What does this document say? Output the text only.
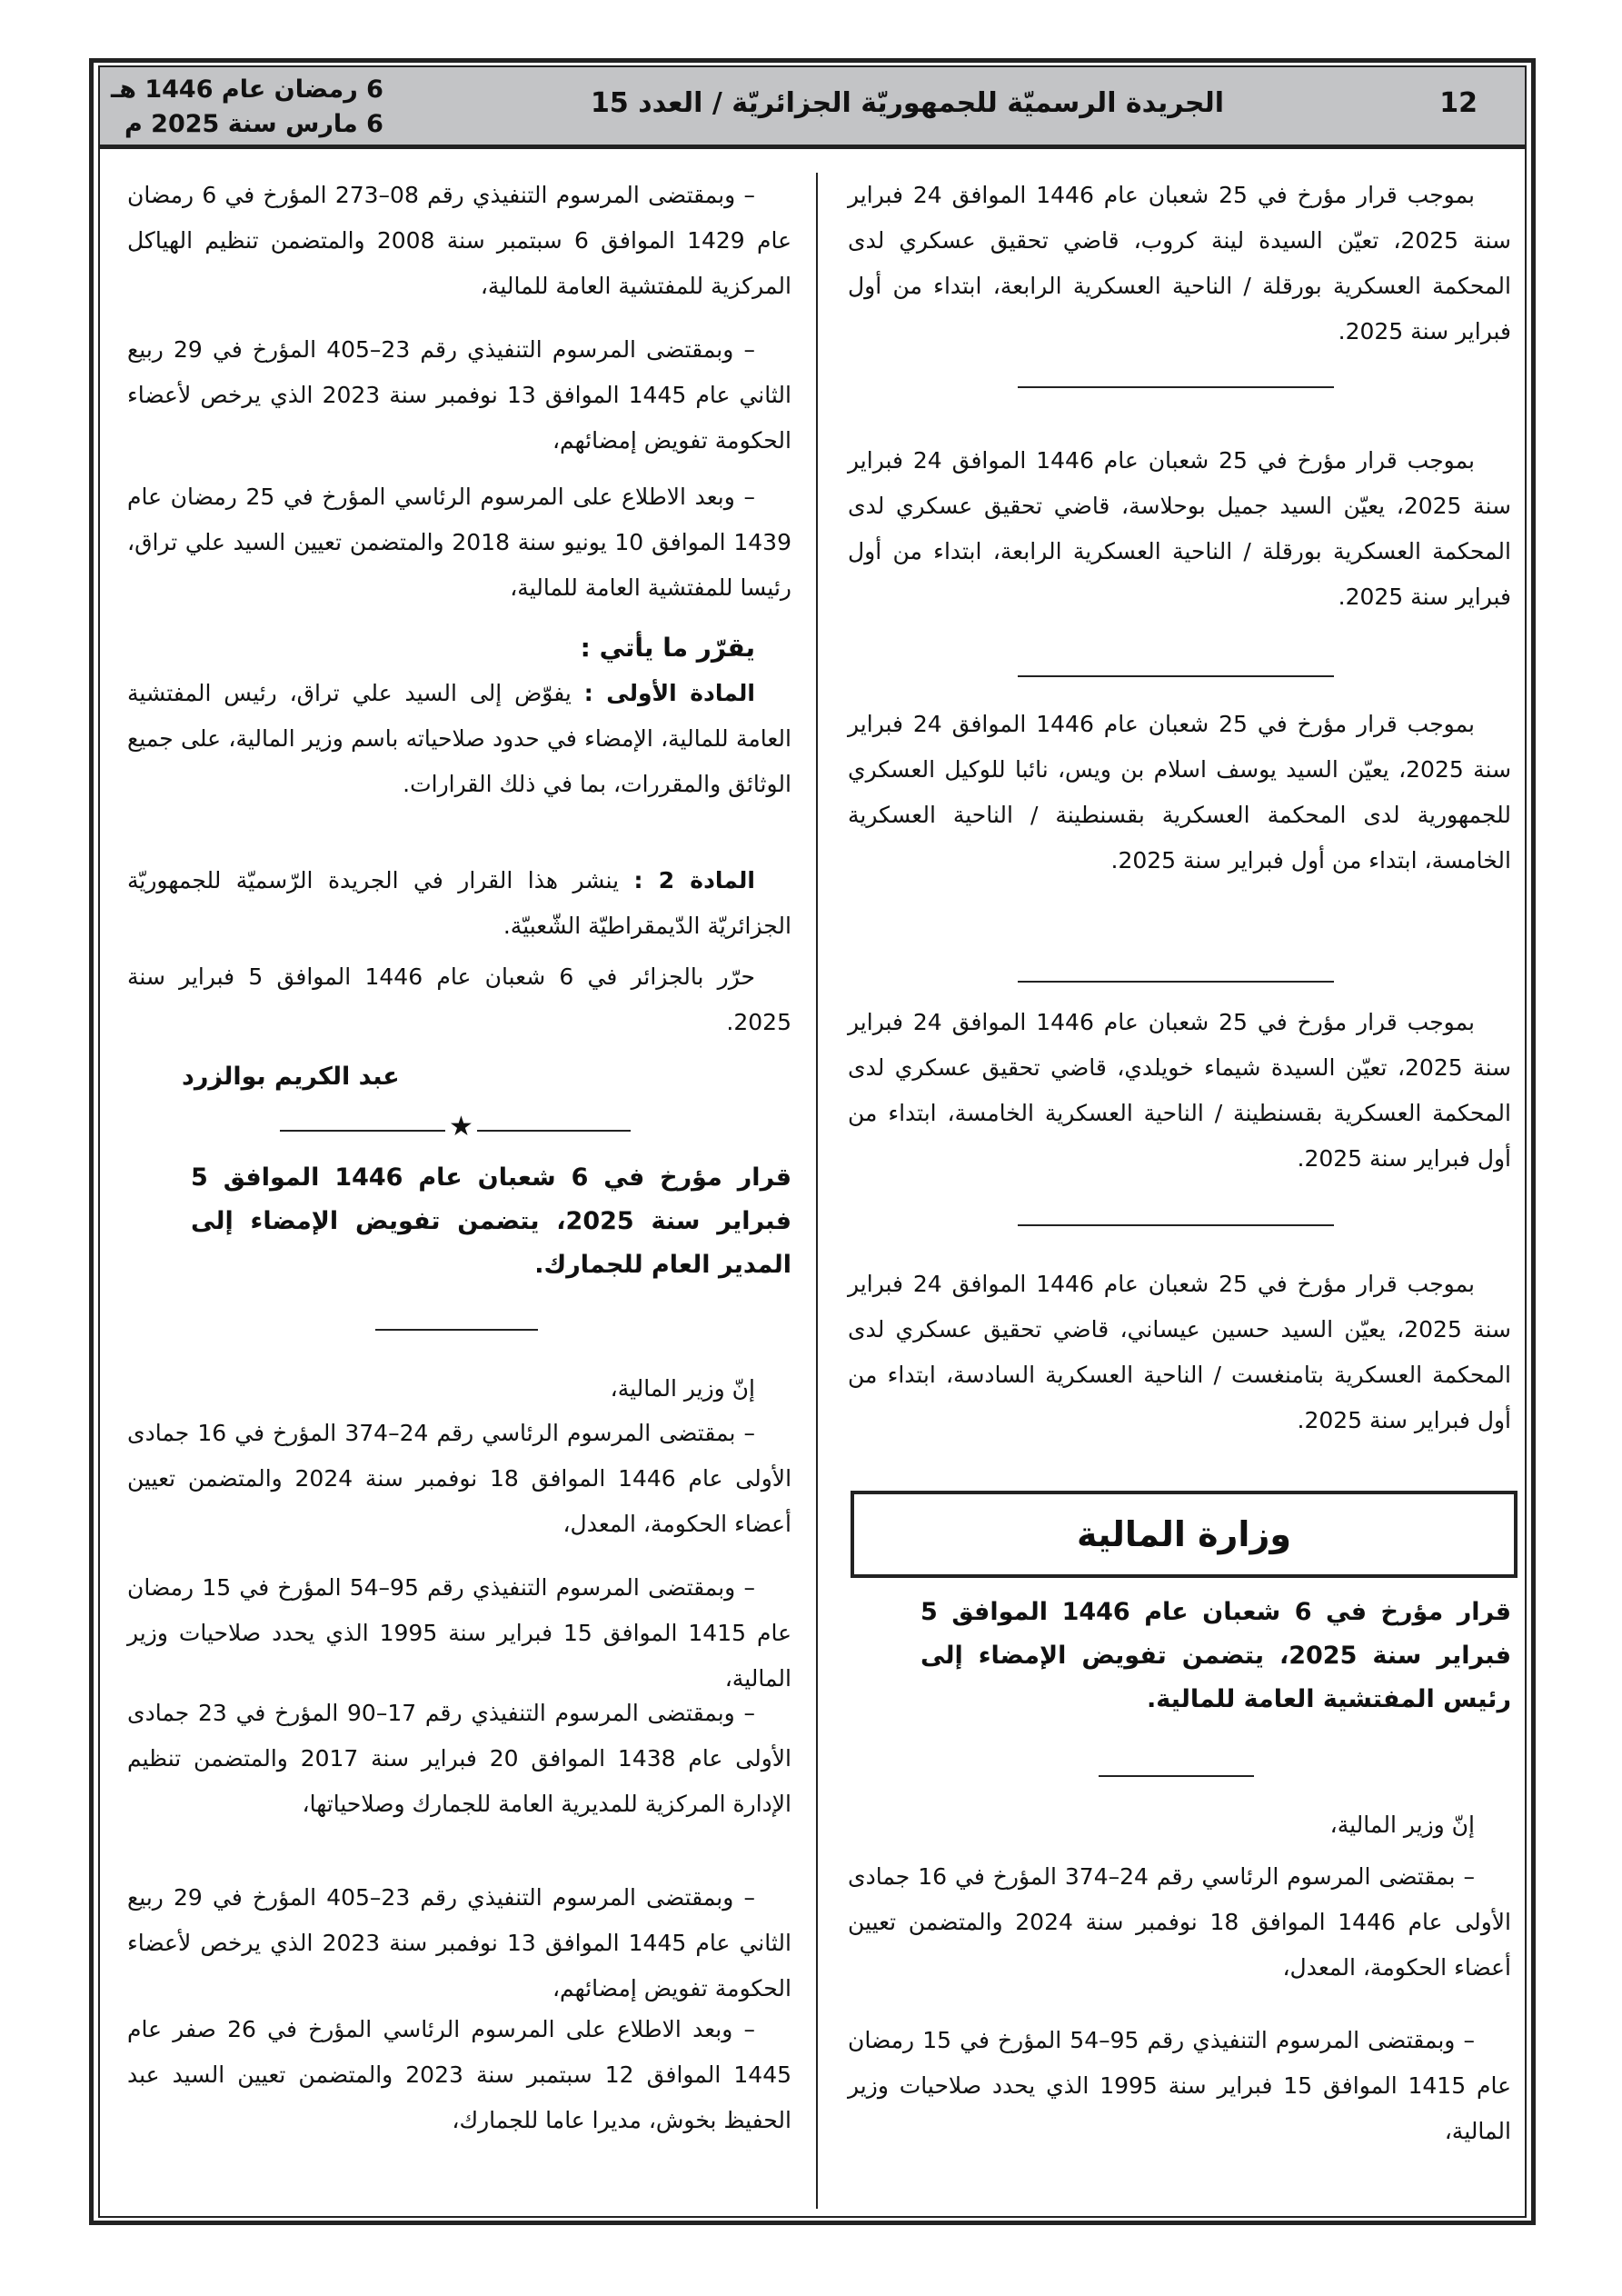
12
الجريدة الرسميّة للجمهوريّة الجزائريّة / العدد 15
6 رمضان عام 1446 هـ
6 مارس سنة 2025 م

بموجب قرار مؤرخ في 25 شعبان عام 1446 الموافق 24 فبراير سنة 2025، تعيّن السيدة لينة كروب، قاضي تحقيق عسكري لدى المحكمة العسكرية بورقلة / الناحية العسكرية الرابعة، ابتداء من أول فبراير سنة 2025.

بموجب قرار مؤرخ في 25 شعبان عام 1446 الموافق 24 فبراير سنة 2025، يعيّن السيد جميل بوحلاسة، قاضي تحقيق عسكري لدى المحكمة العسكرية بورقلة / الناحية العسكرية الرابعة، ابتداء من أول فبراير سنة 2025.

بموجب قرار مؤرخ في 25 شعبان عام 1446 الموافق 24 فبراير سنة 2025، يعيّن السيد يوسف اسلام بن ويس، نائبا للوكيل العسكري للجمهورية لدى المحكمة العسكرية بقسنطينة / الناحية العسكرية الخامسة، ابتداء من أول فبراير سنة 2025.

بموجب قرار مؤرخ في 25 شعبان عام 1446 الموافق 24 فبراير سنة 2025، تعيّن السيدة شيماء خويلدي، قاضي تحقيق عسكري لدى المحكمة العسكرية بقسنطينة / الناحية العسكرية الخامسة، ابتداء من أول فبراير سنة 2025.

بموجب قرار مؤرخ في 25 شعبان عام 1446 الموافق 24 فبراير سنة 2025، يعيّن السيد حسين عيساني، قاضي تحقيق عسكري لدى المحكمة العسكرية بتامنغست / الناحية العسكرية السادسة، ابتداء من أول فبراير سنة 2025.

وزارة المالية

قرار مؤرخ في 6 شعبان عام 1446 الموافق 5 فبراير سنة 2025، يتضمن تفويض الإمضاء إلى رئيس المفتشية العامة للمالية.

إنّ وزير المالية،

– بمقتضى المرسوم الرئاسي رقم 24–374 المؤرخ في 16 جمادى الأولى عام 1446 الموافق 18 نوفمبر سنة 2024 والمتضمن تعيين أعضاء الحكومة، المعدل،

– وبمقتضى المرسوم التنفيذي رقم 95–54 المؤرخ في 15 رمضان عام 1415 الموافق 15 فبراير سنة 1995 الذي يحدد صلاحيات وزير المالية،

– وبمقتضى المرسوم التنفيذي رقم 08–273 المؤرخ في 6 رمضان عام 1429 الموافق 6 سبتمبر سنة 2008 والمتضمن تنظيم الهياكل المركزية للمفتشية العامة للمالية،

– وبمقتضى المرسوم التنفيذي رقم 23–405 المؤرخ في 29 ربيع الثاني عام 1445 الموافق 13 نوفمبر سنة 2023 الذي يرخص لأعضاء الحكومة تفويض إمضائهم،

– وبعد الاطلاع على المرسوم الرئاسي المؤرخ في 25 رمضان عام 1439 الموافق 10 يونيو سنة 2018 والمتضمن تعيين السيد علي تراق، رئيسا للمفتشية العامة للمالية،

يقرّر ما يأتي :

المادة الأولى : يفوّض إلى السيد علي تراق، رئيس المفتشية العامة للمالية، الإمضاء في حدود صلاحياته باسم وزير المالية، على جميع الوثائق والمقررات، بما في ذلك القرارات.

المادة 2 : ينشر هذا القرار في الجريدة الرّسميّة للجمهوريّة الجزائريّة الدّيمقراطيّة الشّعبيّة.

حرّر بالجزائر في 6 شعبان عام 1446 الموافق 5 فبراير سنة 2025.

عبد الكريم بوالزرد

★

قرار مؤرخ في 6 شعبان عام 1446 الموافق 5 فبراير سنة 2025، يتضمن تفويض الإمضاء إلى المدير العام للجمارك.

إنّ وزير المالية،

– بمقتضى المرسوم الرئاسي رقم 24–374 المؤرخ في 16 جمادى الأولى عام 1446 الموافق 18 نوفمبر سنة 2024 والمتضمن تعيين أعضاء الحكومة، المعدل،

– وبمقتضى المرسوم التنفيذي رقم 95–54 المؤرخ في 15 رمضان عام 1415 الموافق 15 فبراير سنة 1995 الذي يحدد صلاحيات وزير المالية،

– وبمقتضى المرسوم التنفيذي رقم 17–90 المؤرخ في 23 جمادى الأولى عام 1438 الموافق 20 فبراير سنة 2017 والمتضمن تنظيم الإدارة المركزية للمديرية العامة للجمارك وصلاحياتها،

– وبمقتضى المرسوم التنفيذي رقم 23–405 المؤرخ في 29 ربيع الثاني عام 1445 الموافق 13 نوفمبر سنة 2023 الذي يرخص لأعضاء الحكومة تفويض إمضائهم،

– وبعد الاطلاع على المرسوم الرئاسي المؤرخ في 26 صفر عام 1445 الموافق 12 سبتمبر سنة 2023 والمتضمن تعيين السيد عبد الحفيظ بخوش، مديرا عاما للجمارك،
